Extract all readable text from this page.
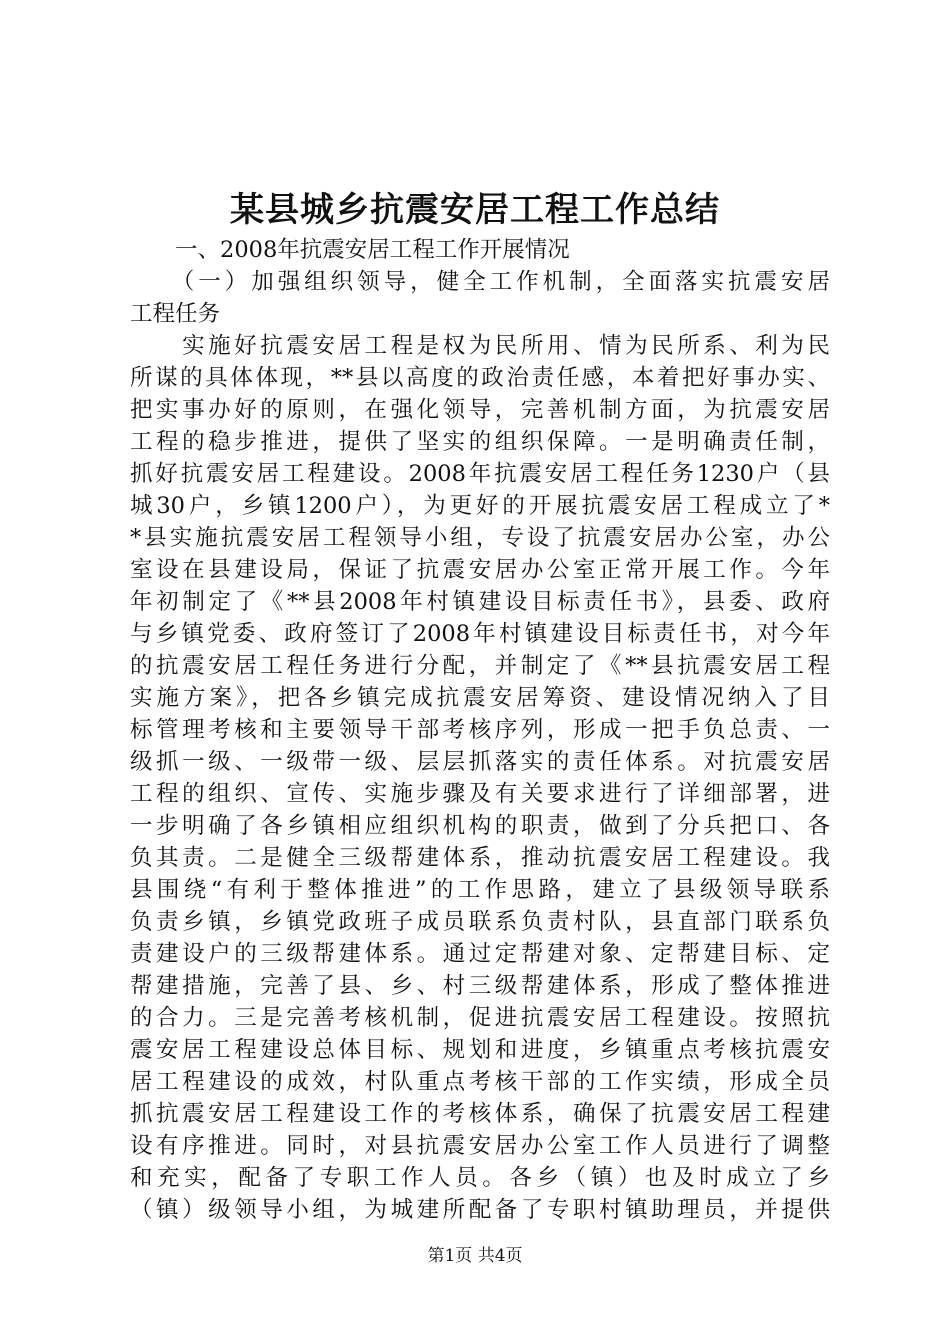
某县城乡抗震安居工程工作总结
　　一、2008年抗震安居工程工作开展情况
　　（一）加强组织领导，健全工作机制，全面落实抗震安居
工程任务
　　实施好抗震安居工程是权为民所用、情为民所系、利为民
所谋的具体体现，**县以高度的政治责任感，本着把好事办实、
把实事办好的原则，在强化领导，完善机制方面，为抗震安居
工程的稳步推进，提供了坚实的组织保障。一是明确责任制，
抓好抗震安居工程建设。2008年抗震安居工程任务1230户（县
城30户，乡镇1200户），为更好的开展抗震安居工程成立了*
*县实施抗震安居工程领导小组，专设了抗震安居办公室，办公
室设在县建设局，保证了抗震安居办公室正常开展工作。今年
年初制定了《**县2008年村镇建设目标责任书》，县委、政府
与乡镇党委、政府签订了2008年村镇建设目标责任书，对今年
的抗震安居工程任务进行分配，并制定了《**县抗震安居工程
实施方案》，把各乡镇完成抗震安居筹资、建设情况纳入了目
标管理考核和主要领导干部考核序列，形成一把手负总责、一
级抓一级、一级带一级、层层抓落实的责任体系。对抗震安居
工程的组织、宣传、实施步骤及有关要求进行了详细部署，进
一步明确了各乡镇相应组织机构的职责，做到了分兵把口、各
负其责。二是健全三级帮建体系，推动抗震安居工程建设。我
县围绕“有利于整体推进”的工作思路，建立了县级领导联系
负责乡镇，乡镇党政班子成员联系负责村队，县直部门联系负
责建设户的三级帮建体系。通过定帮建对象、定帮建目标、定
帮建措施，完善了县、乡、村三级帮建体系，形成了整体推进
的合力。三是完善考核机制，促进抗震安居工程建设。按照抗
震安居工程建设总体目标、规划和进度，乡镇重点考核抗震安
居工程建设的成效，村队重点考核干部的工作实绩，形成全员
抓抗震安居工程建设工作的考核体系，确保了抗震安居工程建
设有序推进。同时，对县抗震安居办公室工作人员进行了调整
和充实，配备了专职工作人员。各乡（镇）也及时成立了乡
（镇）级领导小组，为城建所配备了专职村镇助理员，并提供
第1页 共4页
